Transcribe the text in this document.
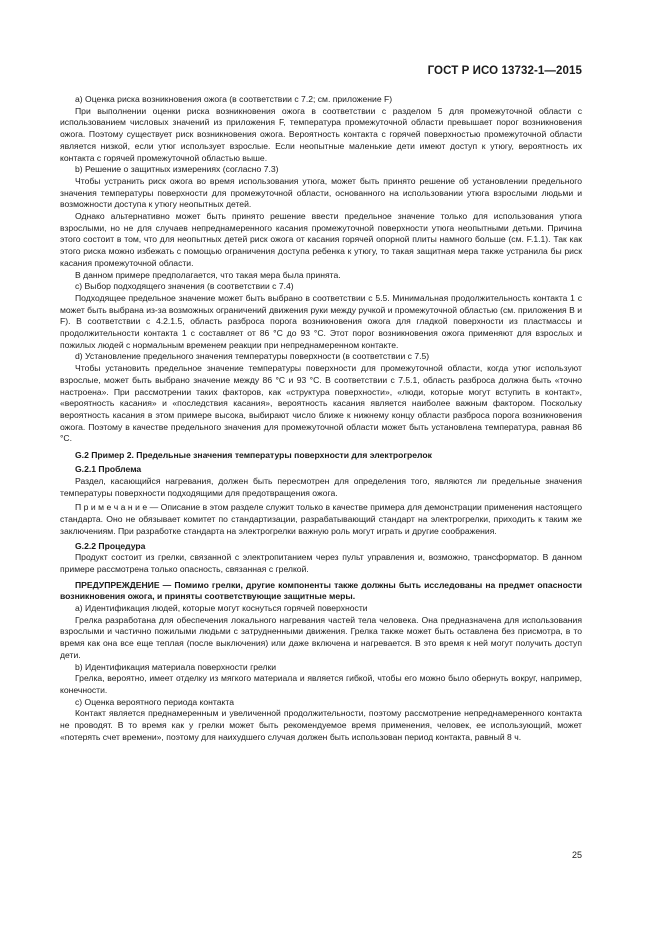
ГОСТ Р ИСО 13732-1—2015

a) Оценка риска возникновения ожога (в соответствии с 7.2; см. приложение F)

При выполнении оценки риска возникновения ожога в соответствии с разделом 5 для промежуточной области с использованием числовых значений из приложения F, температура промежуточной области превышает порог возникновения ожога. Поэтому существует риск возникновения ожога. Вероятность контакта с горячей поверхностью промежуточной области является низкой, если утюг использует взрослые. Если неопытные маленькие дети имеют доступ к утюгу, вероятность их контакта с горячей промежуточной областью выше.

b) Решение о защитных измерениях (согласно 7.3)

Чтобы устранить риск ожога во время использования утюга, может быть принято решение об установлении предельного значения температуры поверхности для промежуточной области, основанного на использовании утюга взрослыми людьми и возможности доступа к утюгу неопытных детей.

Однако альтернативно может быть принято решение ввести предельное значение только для использования утюга взрослыми, но не для случаев непреднамеренного касания промежуточной поверхности утюга неопытными детьми. Причина этого состоит в том, что для неопытных детей риск ожога от касания горячей опорной плиты намного больше (см. F.1.1). Так как этого риска можно избежать с помощью ограничения доступа ребенка к утюгу, то такая защитная мера также устранила бы риск касания промежуточной области.

В данном примере предполагается, что такая мера была принята.

c) Выбор подходящего значения (в соответствии с 7.4)

Подходящее предельное значение может быть выбрано в соответствии с 5.5. Минимальная продолжительность контакта 1 с может быть выбрана из-за возможных ограничений движения руки между ручкой и промежуточной областью (см. приложения В и F). В соответствии с 4.2.1.5, область разброса порога возникновения ожога для гладкой поверхности из пластмассы и продолжительности контакта 1 с составляет от 86 °С до 93 °С. Этот порог возникновения ожога применяют для взрослых и пожилых людей с нормальным временем реакции при непреднамеренном контакте.

d) Установление предельного значения температуры поверхности (в соответствии с 7.5)

Чтобы установить предельное значение температуры поверхности для промежуточной области, когда утюг используют взрослые, может быть выбрано значение между 86 °С и 93 °С. В соответствии с 7.5.1, область разброса должна быть «точно настроена». При рассмотрении таких факторов, как «структура поверхности», «люди, которые могут вступить в контакт», «вероятность касания» и «последствия касания», вероятность касания является наиболее важным фактором. Поскольку вероятность касания в этом примере высока, выбирают число ближе к нижнему концу области разброса порога возникновения ожога. Поэтому в качестве предельного значения для промежуточной области может быть установлена температура, равная 86 °С.

G.2 Пример 2. Предельные значения температуры поверхности для электрогрелок

G.2.1 Проблема

Раздел, касающийся нагревания, должен быть пересмотрен для определения того, являются ли предельные значения температуры поверхности подходящими для предотвращения ожога.

П р и м е ч а н и е — Описание в этом разделе служит только в качестве примера для демонстрации применения настоящего стандарта. Оно не обязывает комитет по стандартизации, разрабатывающий стандарт на электрогрелки, приходить к таким же заключениям. При разработке стандарта на электрогрелки важную роль могут играть и другие соображения.

G.2.2 Процедура

Продукт состоит из грелки, связанной с электропитанием через пульт управления и, возможно, трансформатор. В данном примере рассмотрена только опасность, связанная с грелкой.

ПРЕДУПРЕЖДЕНИЕ — Помимо грелки, другие компоненты также должны быть исследованы на предмет опасности возникновения ожога, и приняты соответствующие защитные меры.

a) Идентификация людей, которые могут коснуться горячей поверхности

Грелка разработана для обеспечения локального нагревания частей тела человека. Она предназначена для использования взрослыми и частично пожилыми людьми с затрудненными движения. Грелка также может быть оставлена без присмотра, в то время как она все еще теплая (после выключения) или даже включена и нагревается. В это время к ней могут получить доступ дети.

b) Идентификация материала поверхности грелки

Грелка, вероятно, имеет отделку из мягкого материала и является гибкой, чтобы его можно было обернуть вокруг, например, конечности.

c) Оценка вероятного периода контакта

Контакт является преднамеренным и увеличенной продолжительности, поэтому рассмотрение непреднамеренного контакта не проводят. В то время как у грелки может быть рекомендуемое время применения, человек, ее использующий, может «потерять счет времени», поэтому для наихудшего случая должен быть использован период контакта, равный 8 ч.

25
